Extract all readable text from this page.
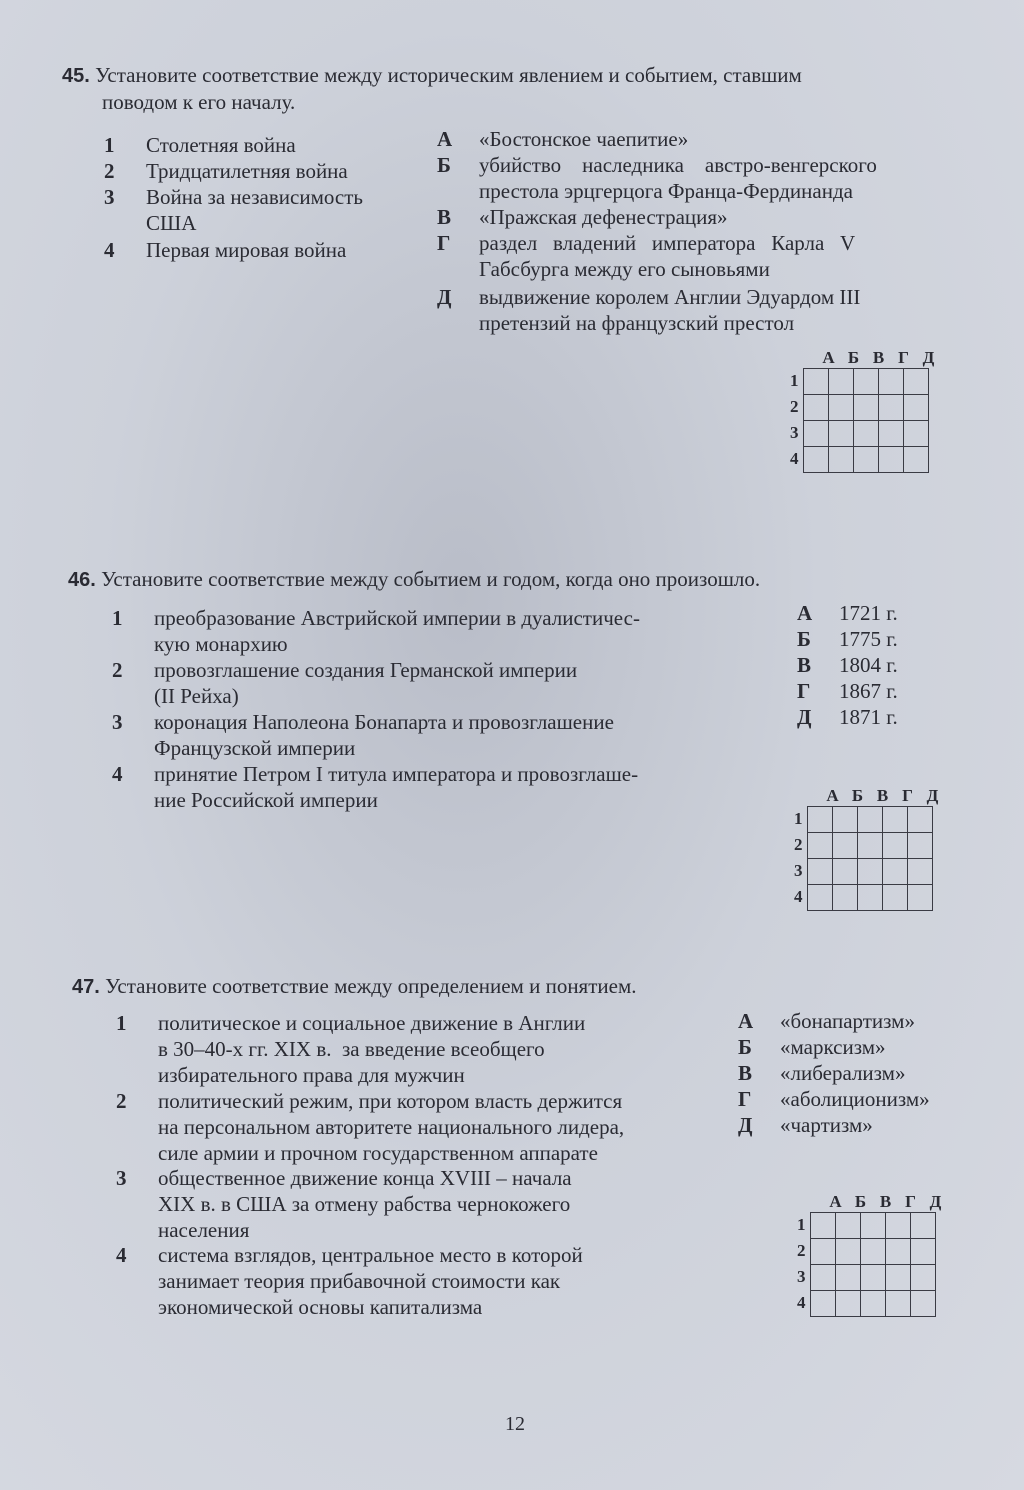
45. Установите соответствие между историческим явлением и событием, ставшим
поводом к его началу.
1 Столетняя война
2 Тридцатилетняя война
3 Война за независимость
США
4 Первая мировая война
А «Бостонское чаепитие»
Б убийство    наследника    австро-венгерского
престола эрцгерцога Франца-Фердинанда
В «Пражская дефенестрация»
Г раздел   владений   императора   Карла   V
Габсбурга между его сыновьями
Д выдвижение королем Англии Эдуардом III
претензий на французский престол
А Б В Г Д
1
2
3
4

46. Установите соответствие между событием и годом, когда оно произошло.
1 преобразование Австрийской империи в дуалистичес-
кую монархию
2 провозглашение создания Германской империи
(II Рейха)
3 коронация Наполеона Бонапарта и провозглашение
Французской империи
4 принятие Петром I титула императора и провозглаше-
ние Российской империи
А 1721 г.
Б 1775 г.
В 1804 г.
Г 1867 г.
Д 1871 г.
А Б В Г Д
1
2
3
4

47. Установите соответствие между определением и понятием.
1 политическое и социальное движение в Англии
в 30–40-х гг. XIX в.  за введение всеобщего
избирательного права для мужчин
2 политический режим, при котором власть держится
на персональном авторитете национального лидера,
силе армии и прочном государственном аппарате
3 общественное движение конца XVIII – начала
XIX в. в США за отмену рабства чернокожего
населения
4 система взглядов, центральное место в которой
занимает теория прибавочной стоимости как
экономической основы капитализма
А «бонапартизм»
Б «марксизм»
В «либерализм»
Г «аболиционизм»
Д «чартизм»
А Б В Г Д
1
2
3
4

12
